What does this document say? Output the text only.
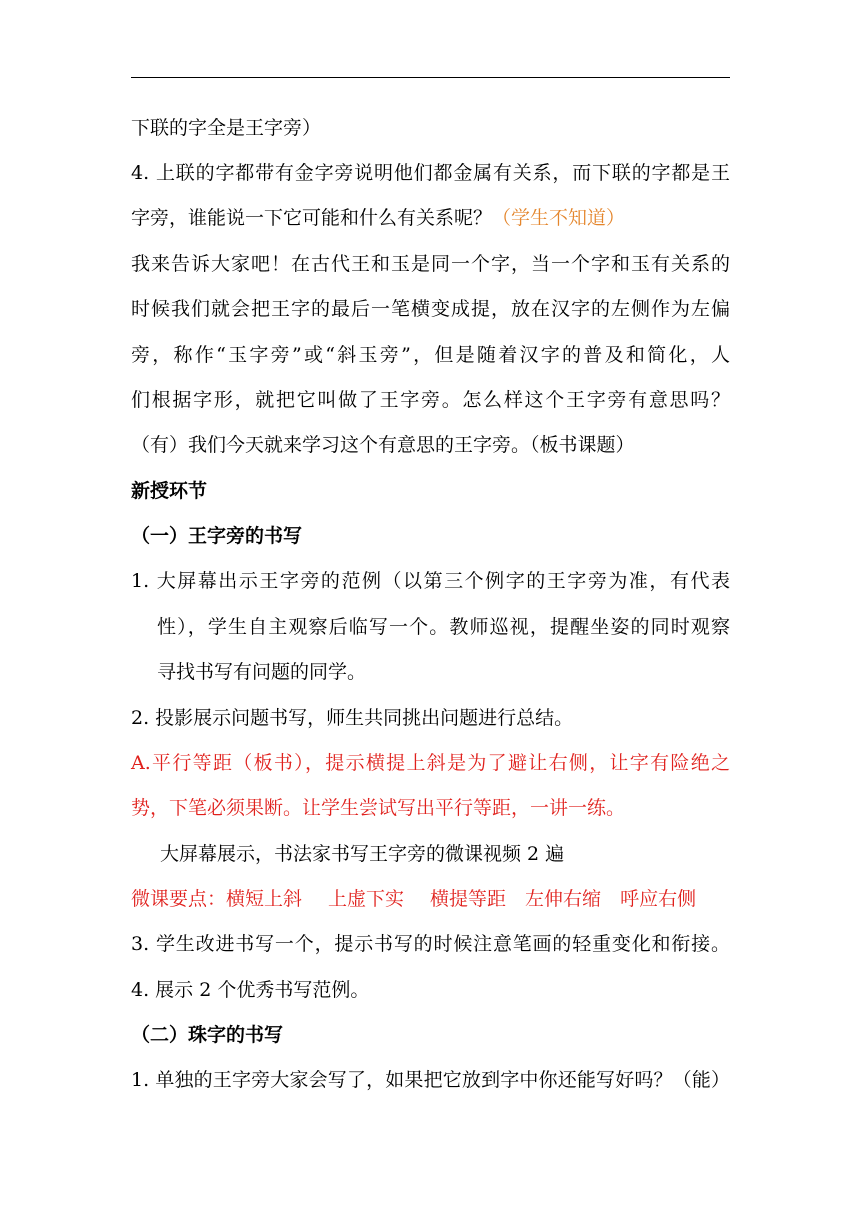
下联的字全是王字旁）
4. 上联的字都带有金字旁说明他们都金属有关系，而下联的字都是王
字旁，谁能说一下它可能和什么有关系呢？（学生不知道）
我来告诉大家吧！在古代王和玉是同一个字，当一个字和玉有关系的
时候我们就会把王字的最后一笔横变成提，放在汉字的左侧作为左偏
旁，称作“玉字旁”或“斜玉旁”，但是随着汉字的普及和简化，人
们根据字形，就把它叫做了王字旁。怎么样这个王字旁有意思吗？
（有）我们今天就来学习这个有意思的王字旁。（板书课题）
新授环节
（一）王字旁的书写
1. 大屏幕出示王字旁的范例（以第三个例字的王字旁为准，有代表
性），学生自主观察后临写一个。教师巡视，提醒坐姿的同时观察
寻找书写有问题的同学。
2. 投影展示问题书写，师生共同挑出问题进行总结。
A.平行等距（板书），提示横提上斜是为了避让右侧，让字有险绝之
势，下笔必须果断。让学生尝试写出平行等距，一讲一练。
大屏幕展示，书法家书写王字旁的微课视频 2 遍
微课要点：横短上斜 上虚下实 横提等距 左伸右缩 呼应右侧
3. 学生改进书写一个，提示书写的时候注意笔画的轻重变化和衔接。
4. 展示 2 个优秀书写范例。
（二）珠字的书写
1. 单独的王字旁大家会写了，如果把它放到字中你还能写好吗？（能）
